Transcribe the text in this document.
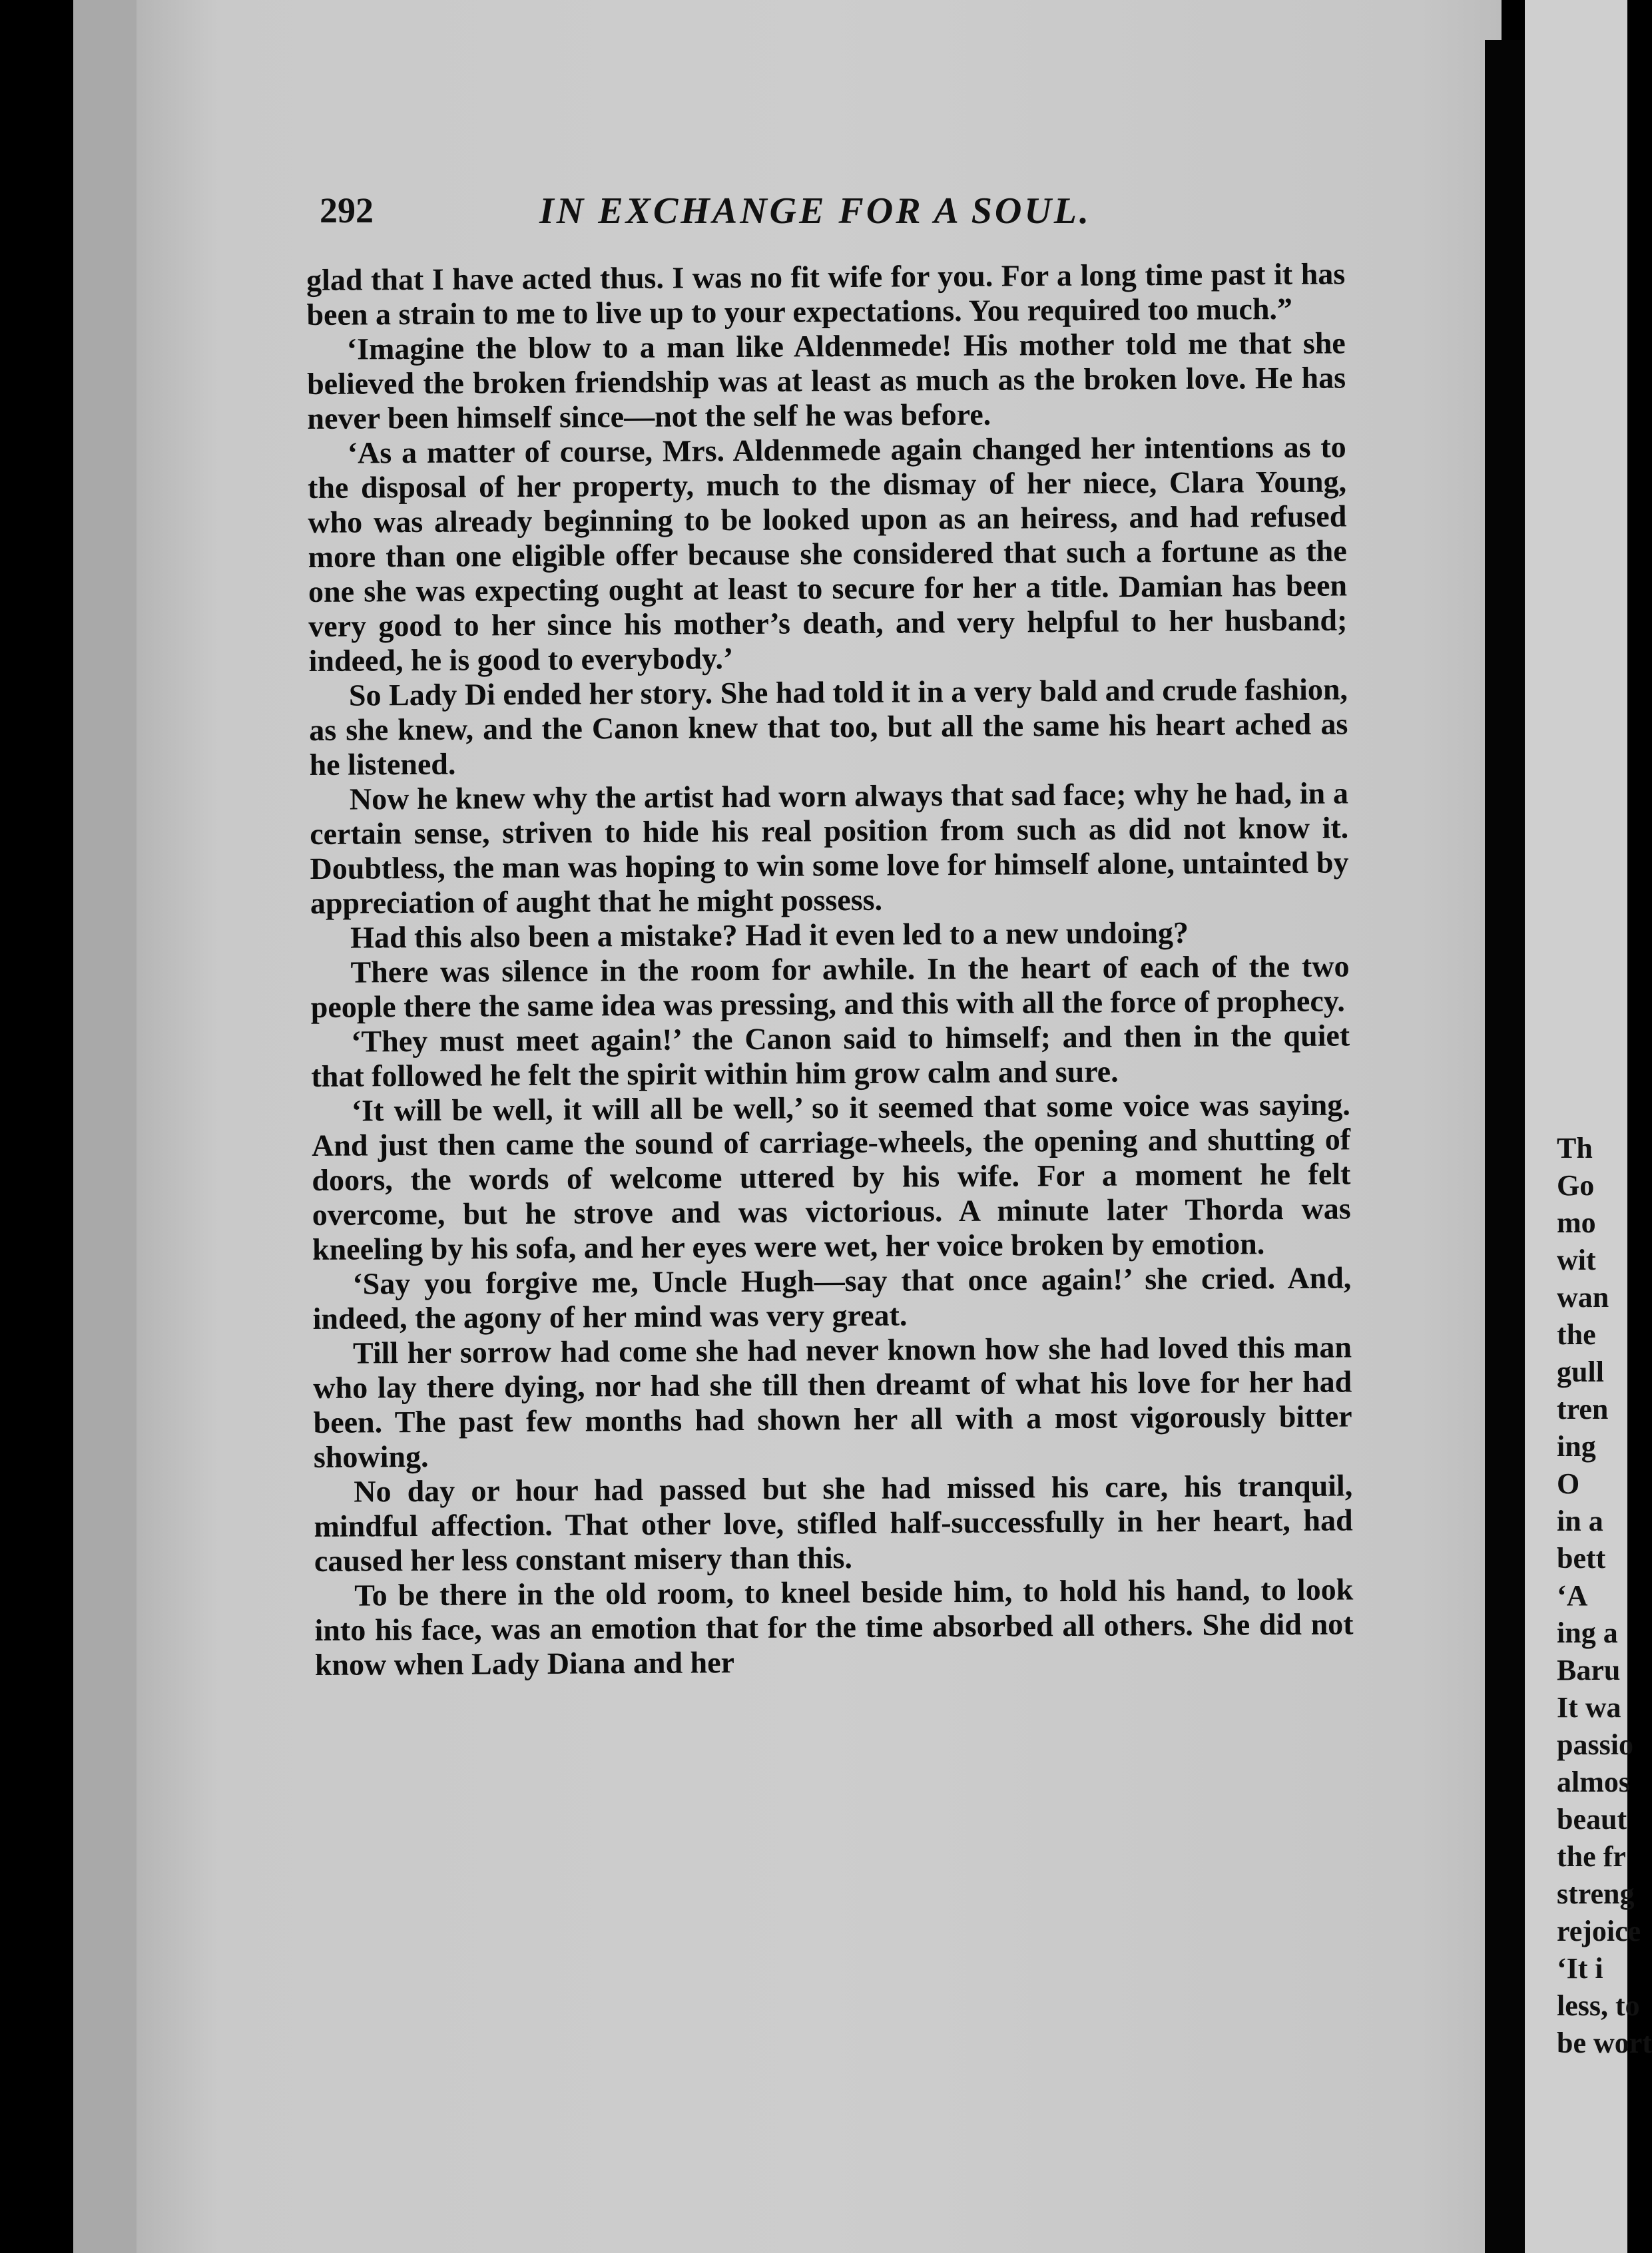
292	IN EXCHANGE FOR A SOUL.

glad that I have acted thus. I was no fit wife for you. For a long time past it has been a strain to me to live up to your expectations. You required too much.”

‘Imagine the blow to a man like Aldenmede! His mother told me that she believed the broken friendship was at least as much as the broken love. He has never been himself since—not the self he was before.

‘As a matter of course, Mrs. Aldenmede again changed her intentions as to the disposal of her property, much to the dismay of her niece, Clara Young, who was already beginning to be looked upon as an heiress, and had refused more than one eligible offer because she considered that such a fortune as the one she was expecting ought at least to secure for her a title. Damian has been very good to her since his mother’s death, and very helpful to her husband; indeed, he is good to everybody.’

So Lady Di ended her story. She had told it in a very bald and crude fashion, as she knew, and the Canon knew that too, but all the same his heart ached as he listened.

Now he knew why the artist had worn always that sad face; why he had, in a certain sense, striven to hide his real position from such as did not know it. Doubtless, the man was hoping to win some love for himself alone, untainted by appreciation of aught that he might possess.

Had this also been a mistake? Had it even led to a new undoing?

There was silence in the room for awhile. In the heart of each of the two people there the same idea was pressing, and this with all the force of prophecy.

‘They must meet again!’ the Canon said to himself; and then in the quiet that followed he felt the spirit within him grow calm and sure.

‘It will be well, it will all be well,’ so it seemed that some voice was saying. And just then came the sound of carriage-wheels, the opening and shutting of doors, the words of welcome uttered by his wife. For a moment he felt overcome, but he strove and was victorious. A minute later Thorda was kneeling by his sofa, and her eyes were wet, her voice broken by emotion.

‘Say you forgive me, Uncle Hugh—say that once again!’ she cried. And, indeed, the agony of her mind was very great.

Till her sorrow had come she had never known how she had loved this man who lay there dying, nor had she till then dreamt of what his love for her had been. The past few months had shown her all with a most vigorously bitter showing.

No day or hour had passed but she had missed his care, his tranquil, mindful affection. That other love, stifled half-successfully in her heart, had caused her less constant misery than this.

To be there in the old room, to kneel beside him, to hold his hand, to look into his face, was an emotion that for the time absorbed all others. She did not know when Lady Diana and her

Th
Go
mo
wit
wan
the
gull
tren
ing
O
in a
bett
‘A
ing a
Baru
It wa
passio
almos
beaut
the fr
streng
rejoice
‘It i
less, to
be wort
